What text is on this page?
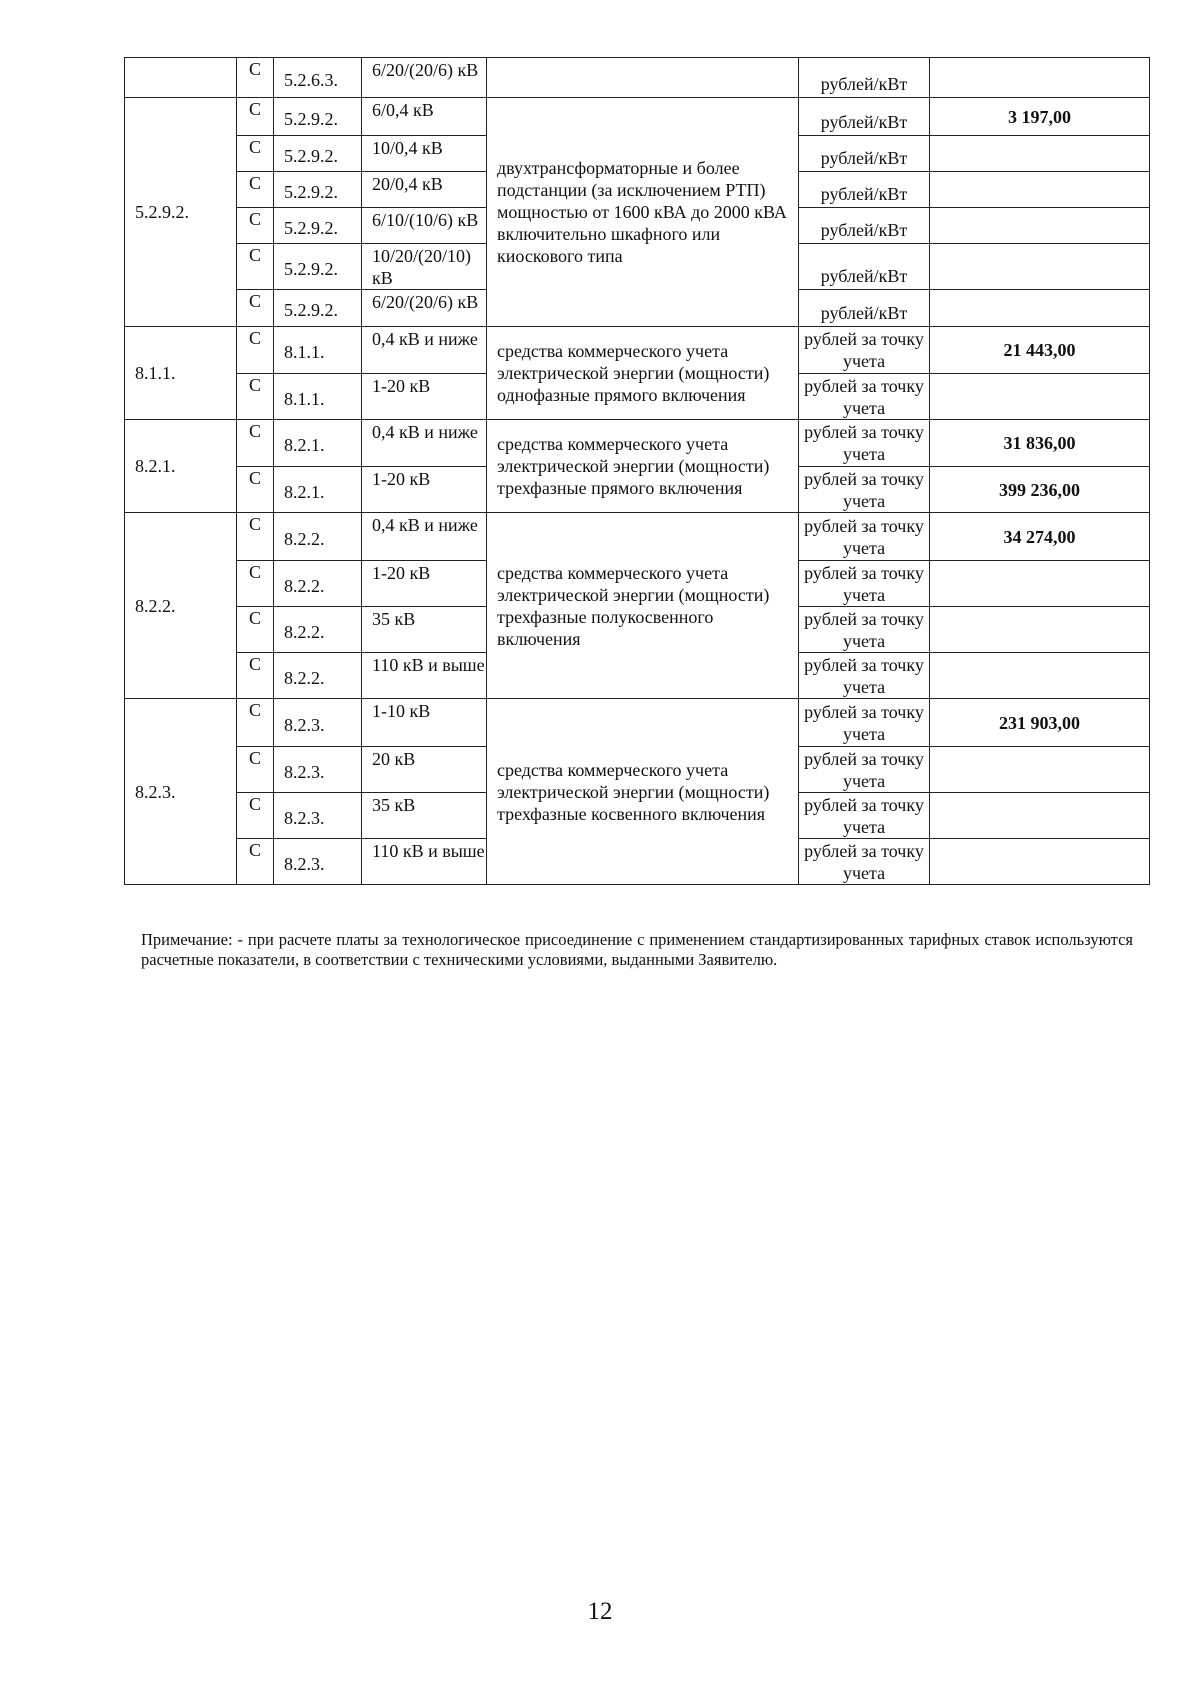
	С	5.2.6.3.	6/20/(20/6) кВ		рублей/кВт	
5.2.9.2.	С	5.2.9.2.	6/0,4 кВ	двухтрансформаторные и более подстанции (за исключением РТП) мощностью от 1600 кВА до 2000 кВА включительно шкафного или киоскового типа	рублей/кВт	3 197,00
	С	5.2.9.2.	10/0,4 кВ		рублей/кВт	
	С	5.2.9.2.	20/0,4 кВ		рублей/кВт	
	С	5.2.9.2.	6/10/(10/6) кВ		рублей/кВт	
	С	5.2.9.2.	10/20/(20/10) кВ		рублей/кВт	
	С	5.2.9.2.	6/20/(20/6) кВ		рублей/кВт	
8.1.1.	С	8.1.1.	0,4 кВ и ниже	средства коммерческого учета электрической энергии (мощности) однофазные прямого включения	рублей за точку учета	21 443,00
	С	8.1.1.	1-20 кВ		рублей за точку учета	
8.2.1.	С	8.2.1.	0,4 кВ и ниже	средства коммерческого учета электрической энергии (мощности) трехфазные прямого включения	рублей за точку учета	31 836,00
	С	8.2.1.	1-20 кВ		рублей за точку учета	399 236,00
8.2.2.	С	8.2.2.	0,4 кВ и ниже	средства коммерческого учета электрической энергии (мощности) трехфазные полукосвенного включения	рублей за точку учета	34 274,00
	С	8.2.2.	1-20 кВ		рублей за точку учета	
	С	8.2.2.	35 кВ		рублей за точку учета	
	С	8.2.2.	110 кВ и выше		рублей за точку учета	
8.2.3.	С	8.2.3.	1-10 кВ	средства коммерческого учета электрической энергии (мощности) трехфазные косвенного включения	рублей за точку учета	231 903,00
	С	8.2.3.	20 кВ		рублей за точку учета	
	С	8.2.3.	35 кВ		рублей за точку учета	
	С	8.2.3.	110 кВ и выше		рублей за точку учета	
Примечание: - при расчете платы за технологическое присоединение с применением стандартизированных тарифных ставок используются расчетные показатели, в соответствии с техническими условиями, выданными Заявителю.
12
